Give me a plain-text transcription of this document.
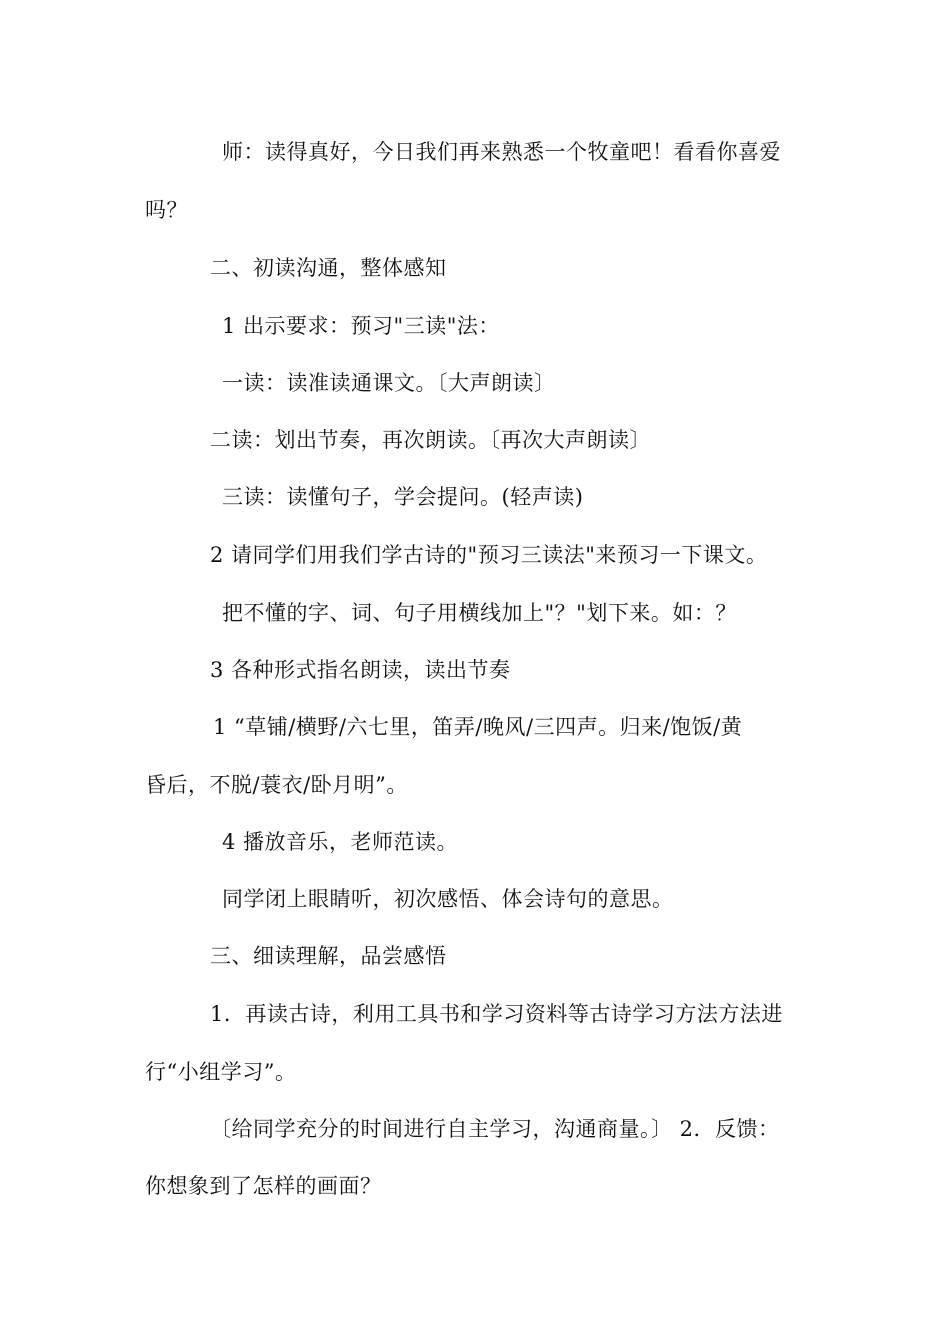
师：读得真好，今日我们再来熟悉一个牧童吧！看看你喜爱
吗？
二、初读沟通，整体感知
1 出示要求：预习"三读"法：
一读：读准读通课文。〔大声朗读〕
二读：划出节奏，再次朗读。〔再次大声朗读〕
三读：读懂句子，学会提问。(轻声读)
2 请同学们用我们学古诗的"预习三读法"来预习一下课文。
把不懂的字、词、句子用横线加上"？"划下来。如：？
3 各种形式指名朗读，读出节奏
1 “草铺/横野/六七里，笛弄/晚风/三四声。归来/饱饭/黄
昏后，不脱/蓑衣/卧月明”。
4 播放音乐，老师范读。
同学闭上眼睛听，初次感悟、体会诗句的意思。
三、细读理解，品尝感悟
1．再读古诗，利用工具书和学习资料等古诗学习方法方法进
行“小组学习”。
〔给同学充分的时间进行自主学习，沟通商量。〕 2．反馈：
你想象到了怎样的画面？
